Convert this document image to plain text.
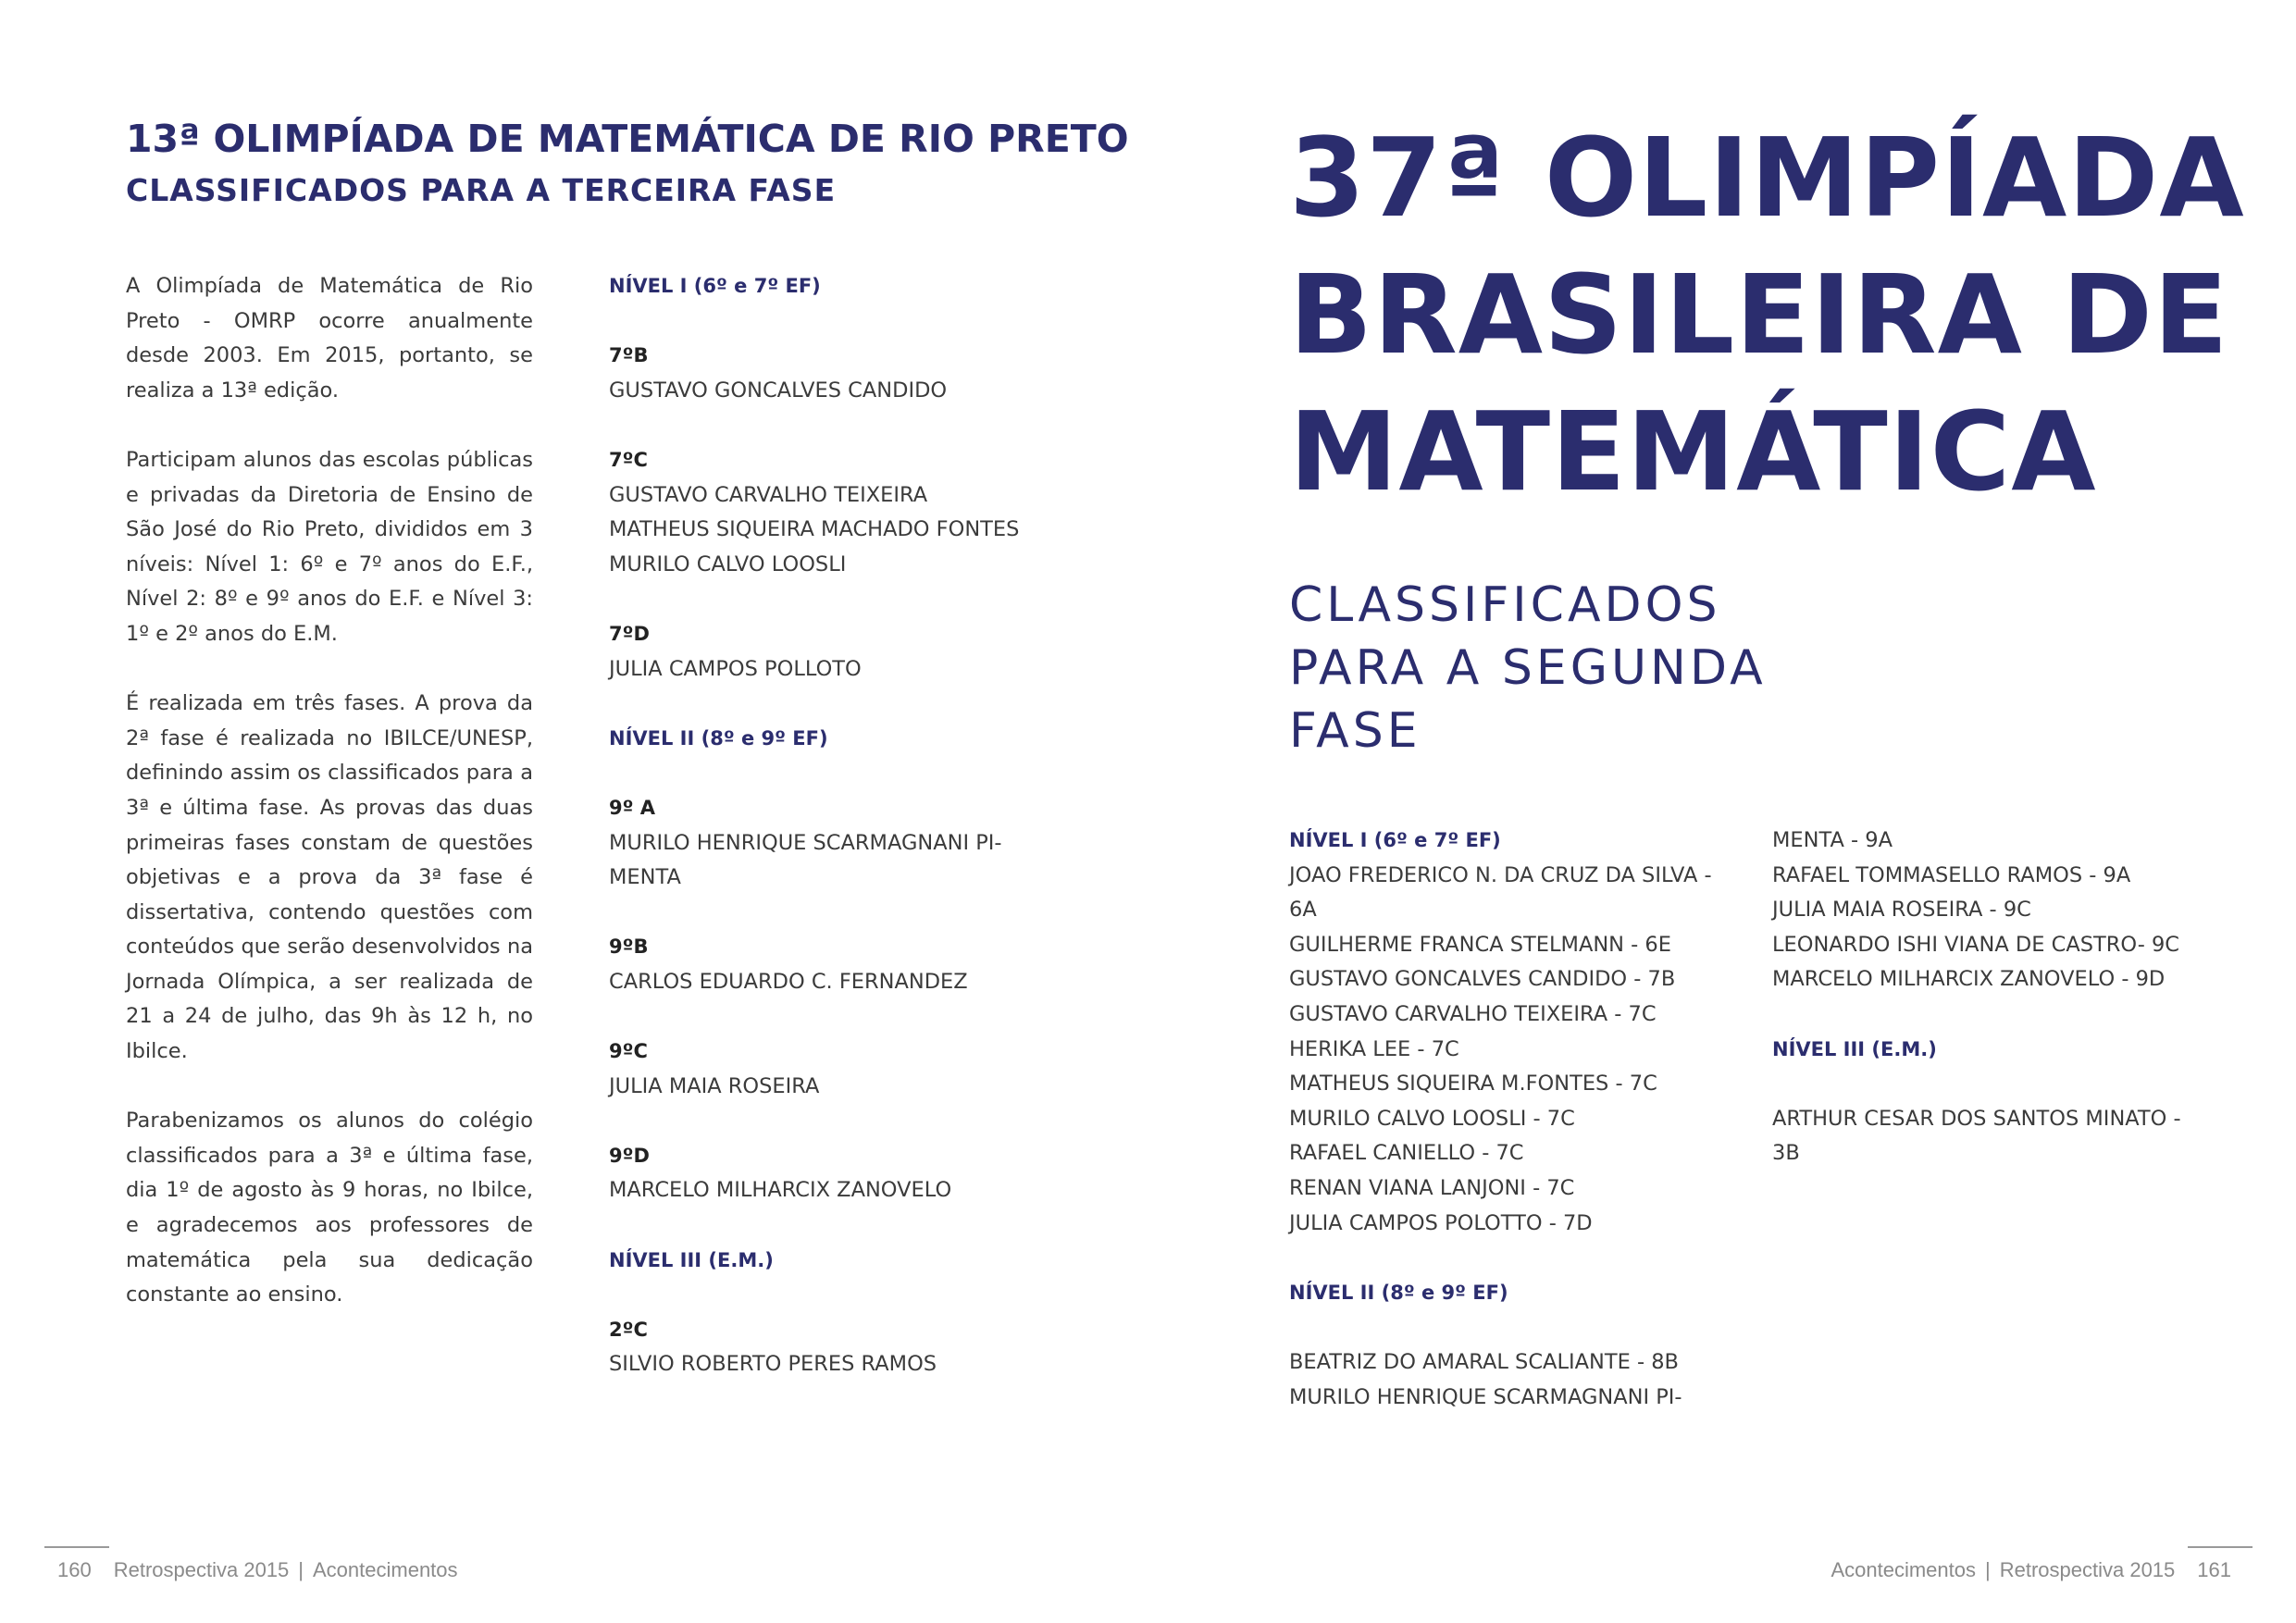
13ª OLIMPÍADA DE MATEMÁTICA DE RIO PRETO
CLASSIFICADOS PARA A TERCEIRA FASE

A Olimpíada de Matemática de Rio Preto - OMRP ocorre anualmente desde 2003. Em 2015, portanto, se realiza a 13ª edição.

Participam alunos das escolas públicas e privadas da Diretoria de Ensino de São José do Rio Preto, divididos em 3 níveis: Nível 1: 6º e 7º anos do E.F., Nível 2: 8º e 9º anos do E.F. e Nível 3: 1º e 2º anos do E.M.

É realizada em três fases. A prova da 2ª fase é realizada no IBILCE/UNESP, definindo assim os classificados para a 3ª e última fase. As provas das duas primeiras fases constam de questões objetivas e a prova da 3ª fase é dissertativa, contendo questões com conteúdos que serão desenvolvidos na Jornada Olímpica, a ser realizada de 21 a 24 de julho, das 9h às 12 h, no Ibilce.

Parabenizamos os alunos do colégio classificados para a 3ª e última fase, dia 1º de agosto às 9 horas, no Ibilce, e agradecemos aos professores de matemática pela sua dedicação constante ao ensino.

NÍVEL I (6º e 7º EF)
7ºB
GUSTAVO GONCALVES CANDIDO
7ºC
GUSTAVO CARVALHO TEIXEIRA
MATHEUS SIQUEIRA MACHADO FONTES
MURILO CALVO LOOSLI
7ºD
JULIA CAMPOS POLLOTO
NÍVEL II (8º e 9º EF)
9º A
MURILO HENRIQUE SCARMAGNANI PI-
MENTA
9ºB
CARLOS EDUARDO C. FERNANDEZ
9ºC
JULIA MAIA ROSEIRA
9ºD
MARCELO MILHARCIX ZANOVELO
NÍVEL III (E.M.)
2ºC
SILVIO ROBERTO PERES RAMOS
37ª OLIMPÍADA
BRASILEIRA DE
MATEMÁTICA
CLASSIFICADOS
PARA A SEGUNDA
FASE
NÍVEL I (6º e 7º EF)
JOAO FREDERICO N. DA CRUZ DA SILVA -
6A
GUILHERME FRANCA STELMANN - 6E
GUSTAVO GONCALVES CANDIDO - 7B
GUSTAVO CARVALHO TEIXEIRA - 7C
HERIKA LEE - 7C
MATHEUS SIQUEIRA M.FONTES - 7C
MURILO CALVO LOOSLI - 7C
RAFAEL CANIELLO - 7C
RENAN VIANA LANJONI - 7C
JULIA CAMPOS POLOTTO - 7D
NÍVEL II (8º e 9º EF)
BEATRIZ DO AMARAL SCALIANTE - 8B
MURILO HENRIQUE SCARMAGNANI PI-
MENTA - 9A
RAFAEL TOMMASELLO RAMOS - 9A
JULIA MAIA ROSEIRA - 9C
LEONARDO ISHI VIANA DE CASTRO- 9C
MARCELO MILHARCIX ZANOVELO - 9D
NÍVEL III (E.M.)
ARTHUR CESAR DOS SANTOS MINATO -
3B
160 Retrospectiva 2015 | Acontecimentos	Acontecimentos | Retrospectiva 2015 161
